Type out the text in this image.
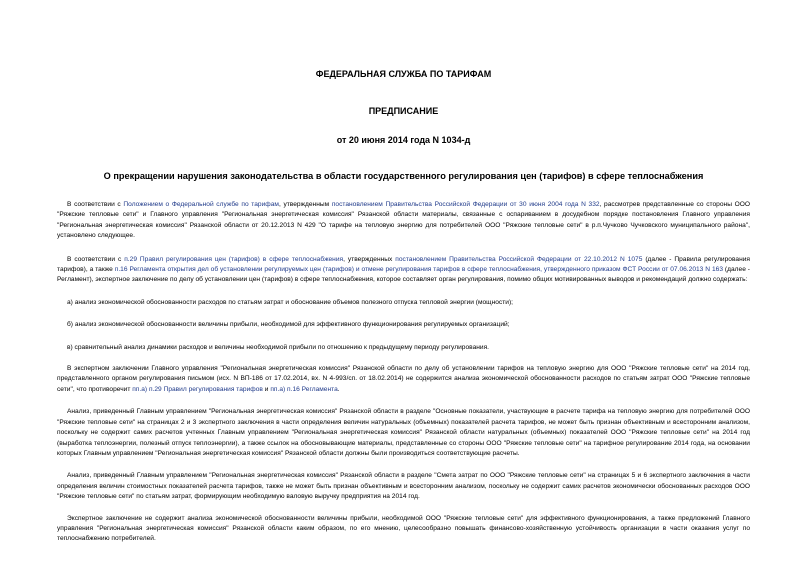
ФЕДЕРАЛЬНАЯ СЛУЖБА ПО ТАРИФАМ

ПРЕДПИСАНИЕ

от 20 июня 2014 года N 1034-д

О прекращении нарушения законодательства в области государственного регулирования цен (тарифов) в сфере теплоснабжения

В соответствии с Положением о Федеральной службе по тарифам, утвержденным постановлением Правительства Российской Федерации от 30 июня 2004 года N 332, рассмотрев представленные со стороны ООО "Ряжские тепловые сети" и Главного управления "Региональная энергетическая комиссия" Рязанской области материалы, связанные с оспариванием в досудебном порядке постановления Главного управления "Региональная энергетическая комиссия" Рязанской области от 20.12.2013 N 429 "О тарифе на тепловую энергию для потребителей ООО "Ряжские тепловые сети" в р.п.Чучково Чучковского муниципального района", установлено следующее.

В соответствии с п.29 Правил регулирования цен (тарифов) в сфере теплоснабжения, утвержденных постановлением Правительства Российской Федерации от 22.10.2012 N 1075 (далее - Правила регулирования тарифов), а также п.16 Регламента открытия дел об установлении регулируемых цен (тарифов) и отмене регулирования тарифов в сфере теплоснабжения, утвержденного приказом ФСТ России от 07.06.2013 N 163 (далее - Регламент), экспертное заключение по делу об установлении цен (тарифов) в сфере теплоснабжения, которое составляет орган регулирования, помимо общих мотивированных выводов и рекомендаций должно содержать:

а) анализ экономической обоснованности расходов по статьям затрат и обоснование объемов полезного отпуска тепловой энергии (мощности);

б) анализ экономической обоснованности величины прибыли, необходимой для эффективного функционирования регулируемых организаций;

в) сравнительный анализ динамики расходов и величины необходимой прибыли по отношению к предыдущему периоду регулирования.

В экспертном заключении Главного управления "Региональная энергетическая комиссия" Рязанской области по делу об установлении тарифов на тепловую энергию для ООО "Ряжские тепловые сети" на 2014 год, представленного органом регулирования письмом (исх. N ВП-186 от 17.02.2014, вх. N 4-993/сп. от 18.02.2014) не содержится анализа экономической обоснованности расходов по статьям затрат ООО "Ряжские тепловые сети", что противоречит пп.а) п.29 Правил регулирования тарифов и пп.а) п.16 Регламента.

Анализ, приведенный Главным управлением "Региональная энергетическая комиссия" Рязанской области в разделе "Основные показатели, участвующие в расчете тарифа на тепловую энергию для потребителей ООО "Ряжские тепловые сети" на страницах 2 и 3 экспертного заключения в части определения величин натуральных (объемных) показателей расчета тарифов, не может быть признан объективным и всесторонним анализом, поскольку не содержит самих расчетов учтенных Главным управлением "Региональная энергетическая комиссия" Рязанской области натуральных (объемных) показателей ООО "Ряжские тепловые сети" на 2014 год (выработка теплоэнергии, полезный отпуск теплоэнергии), а также ссылок на обосновывающие материалы, представленные со стороны ООО "Ряжские тепловые сети" на тарифное регулирование 2014 года, на основании которых Главным управлением "Региональная энергетическая комиссия" Рязанской области должны были производиться соответствующие расчеты.

Анализ, приведенный Главным управлением "Региональная энергетическая комиссия" Рязанской области в разделе "Смета затрат по ООО "Ряжские тепловые сети" на страницах 5 и 6 экспертного заключения в части определения величин стоимостных показателей расчета тарифов, также не может быть признан объективным и всесторонним анализом, поскольку не содержит самих расчетов экономически обоснованных расходов ООО "Ряжские тепловые сети" по статьям затрат, формирующим необходимую валовую выручку предприятия на 2014 год.

Экспертное заключение не содержит анализа экономической обоснованности величины прибыли, необходимой ООО "Ряжские тепловые сети" для эффективного функционирования, а также предложений Главного управления "Региональная энергетическая комиссия" Рязанской области каким образом, по его мнению, целесообразно повышать финансово-хозяйственную устойчивость организации в части оказания услуг по теплоснабжению потребителей.
